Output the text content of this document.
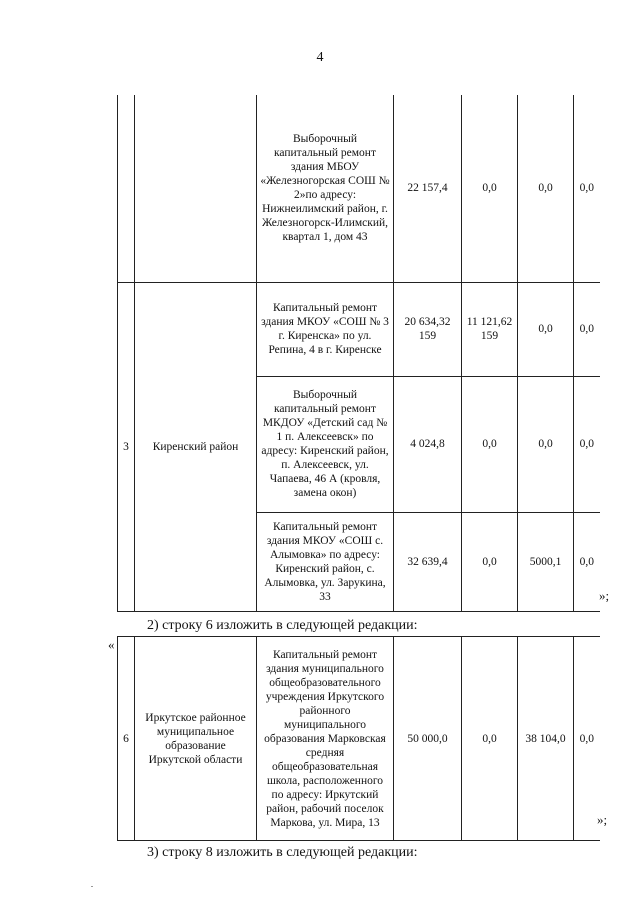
4
		Выборочный капитальный ремонт здания МБОУ «Железногорская СОШ № 2»по адресу: Нижнеилимский район, г. Железногорск-Илимский, квартал 1, дом 43	22 157,4	0,0	0,0	0,0
3	Киренский район	Капитальный ремонт здания МКОУ «СОШ № 3 г. Киренска» по ул. Репина, 4 в г. Киренске	20 634,32 159	11 121,62 159	0,0	0,0
		Выборочный капитальный ремонт МКДОУ «Детский сад № 1 п. Алексеевск» по адресу: Киренский район, п. Алексеевск, ул. Чапаева, 46 А (кровля, замена окон)	4 024,8	0,0	0,0	0,0
		Капитальный ремонт здания МКОУ «СОШ с. Алымовка» по адресу: Киренский район, с. Алымовка, ул. Зарукина, 33	32 639,4	0,0	5000,1	0,0
»;
2) строку 6 изложить в следующей редакции:
«
6	Иркутское районное муниципальное образование Иркутской области	Капитальный ремонт здания муниципального общеобразовательного учреждения Иркутского районного муниципального образования Марковская средняя общеобразовательная школа, расположенного по адресу: Иркутский район, рабочий поселок Маркова, ул. Мира, 13	50 000,0	0,0	38 104,0	0,0
»;
3) строку 8 изложить в следующей редакции:
